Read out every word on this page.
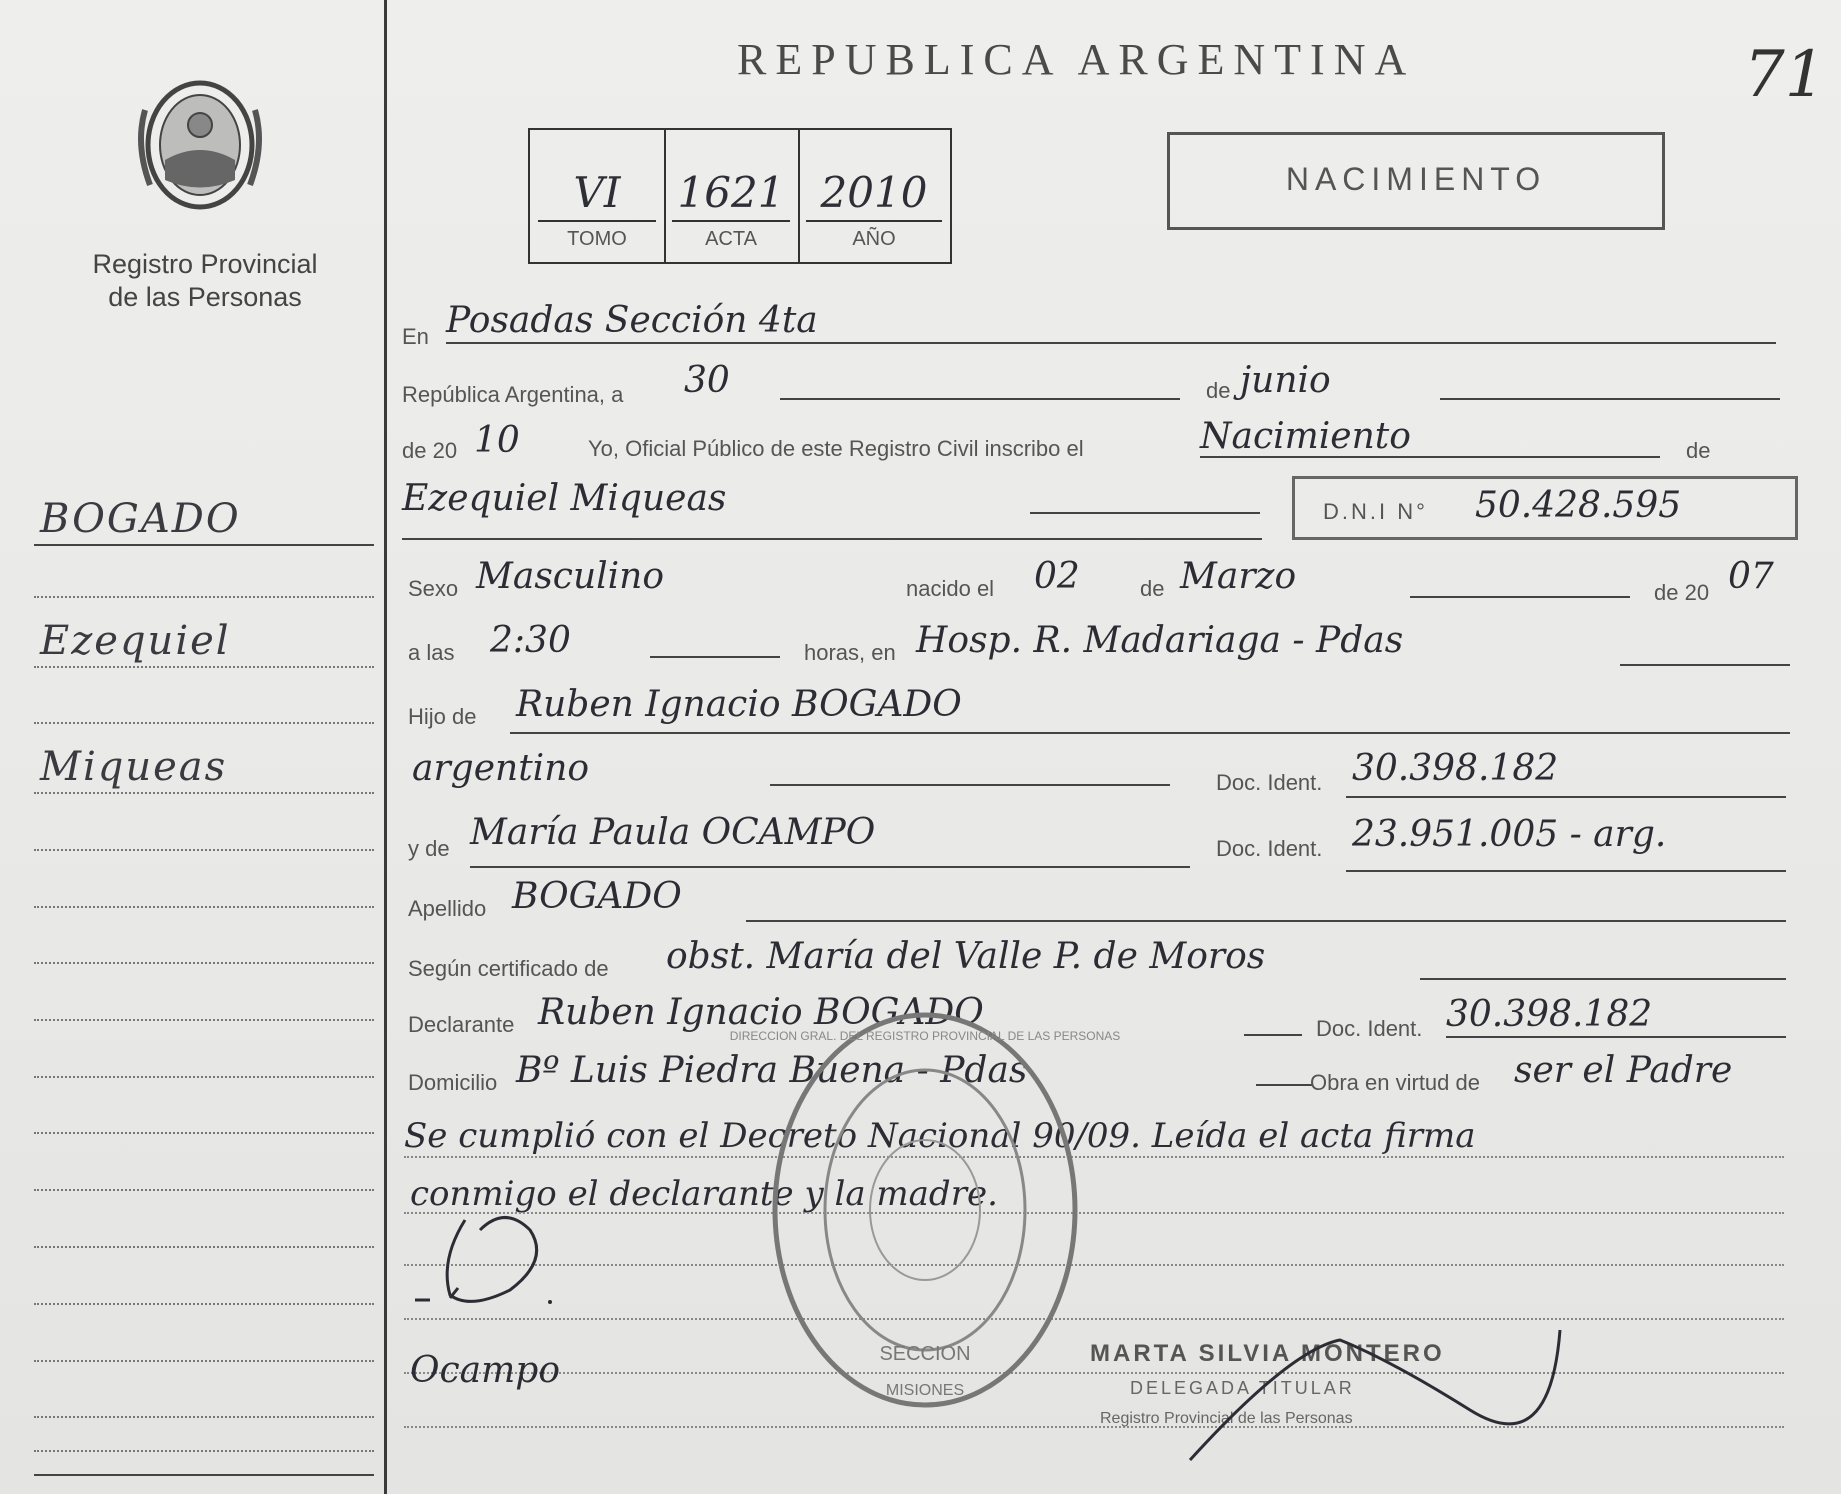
Registro Provincial
de las Personas
BOGADO
Ezequiel
Miqueas
REPUBLICA ARGENTINA	71
VI
TOMO
1621
ACTA
2010
AÑO
NACIMIENTO
En Posadas Sección 4ta
República Argentina, a 30	de junio
de 20 10	Yo, Oficial Público de este Registro Civil inscribo el	Nacimiento	de
Ezequiel Miqueas	D.N.I N° 50.428.595
Sexo Masculino	nacido el 02	de Marzo	de 20 07
a las 2:30	horas, en Hosp. R. Madariaga - Pdas
Hijo de Ruben Ignacio BOGADO
argentino	Doc. Ident. 30.398.182
y de María Paula OCAMPO	Doc. Ident. 23.951.005 - arg.
Apellido BOGADO
Según certificado de obst. María del Valle P. de Moros
Declarante Ruben Ignacio BOGADO	Doc. Ident. 30.398.182
Domicilio Bº Luis Piedra Buena - Pdas	Obra en virtud de ser el Padre
Se cumplió con el Decreto Nacional 90/09. Leída el acta firma
conmigo el declarante y la madre.
SECCION
MISIONES
DIRECCION GRAL. DEL REGISTRO PROVINCIAL DE LAS PERSONAS
Ocampo	MARTA SILVIA MONTERO
DELEGADA TITULAR
Registro Provincial de las Personas
